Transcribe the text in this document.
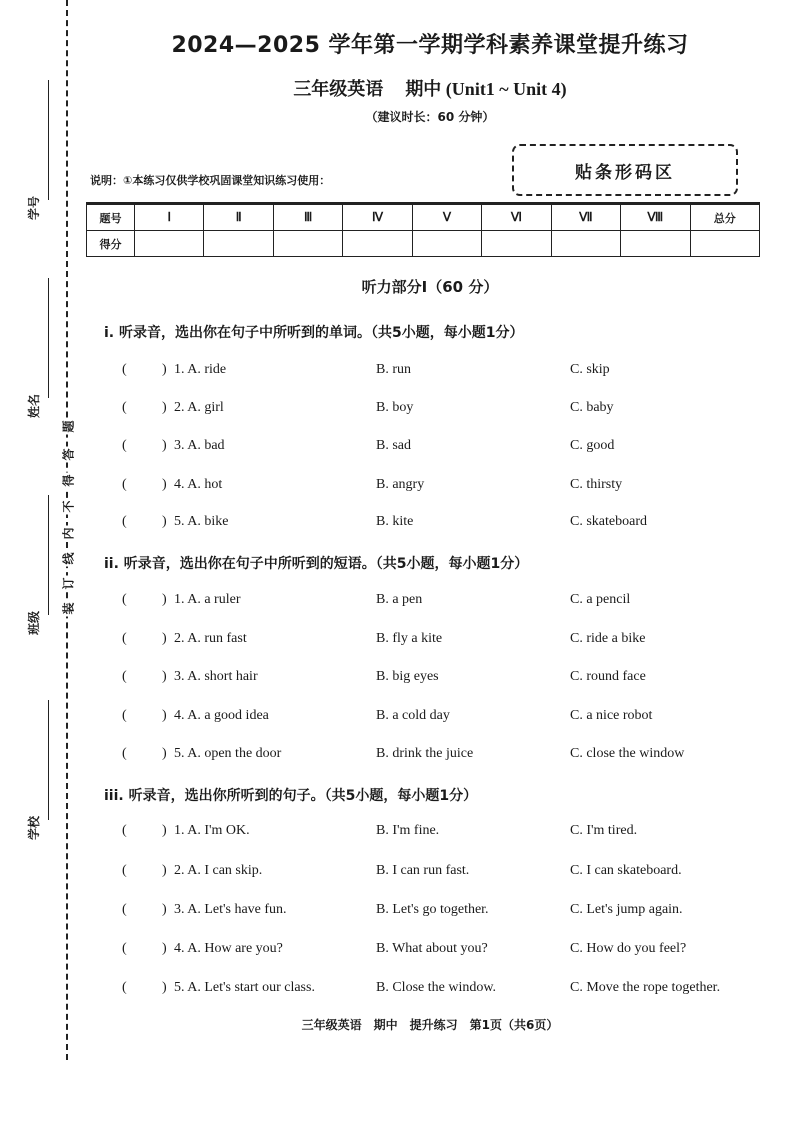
学号
姓名
班级
学校
装
订
线
内
不
得
答
题
2024—2025 学年第一学期学科素养课堂提升练习
三年级英语 期中 (Unit1 ~ Unit 4)
（建议时长：60 分钟）
贴条形码区
说明：①本练习仅供学校巩固课堂知识练习使用：
题号	Ⅰ	Ⅱ	Ⅲ	Ⅳ	Ⅴ	Ⅵ	Ⅶ	Ⅷ	总分
得分									
听力部分Ⅰ（60 分）
i. 听录音，选出你在句子中所听到的单词。（共5小题，每小题1分）
(	) 1. A. ride	B. run	C. skip
(	) 2. A. girl	B. boy	C. baby
(	) 3. A. bad	B. sad	C. good
(	) 4. A. hot	B. angry	C. thirsty
(	) 5. A. bike	B. kite	C. skateboard
ii. 听录音，选出你在句子中所听到的短语。（共5小题，每小题1分）
(	) 1. A. a ruler	B. a pen	C. a pencil
(	) 2. A. run fast	B. fly a kite	C. ride a bike
(	) 3. A. short hair	B. big eyes	C. round face
(	) 4. A. a good idea	B. a cold day	C. a nice robot
(	) 5. A. open the door	B. drink the juice	C. close the window
iii. 听录音，选出你所听到的句子。（共5小题，每小题1分）
(	) 1. A. I'm OK.	B. I'm fine.	C. I'm tired.
(	) 2. A. I can skip.	B. I can run fast.	C. I can skateboard.
(	) 3. A. Let's have fun.	B. Let's go together.	C. Let's jump again.
(	) 4. A. How are you?	B. What about you?	C. How do you feel?
(	) 5. A. Let's start our class.	B. Close the window.	C. Move the rope together.
三年级英语　期中　提升练习　第1页（共6页）
